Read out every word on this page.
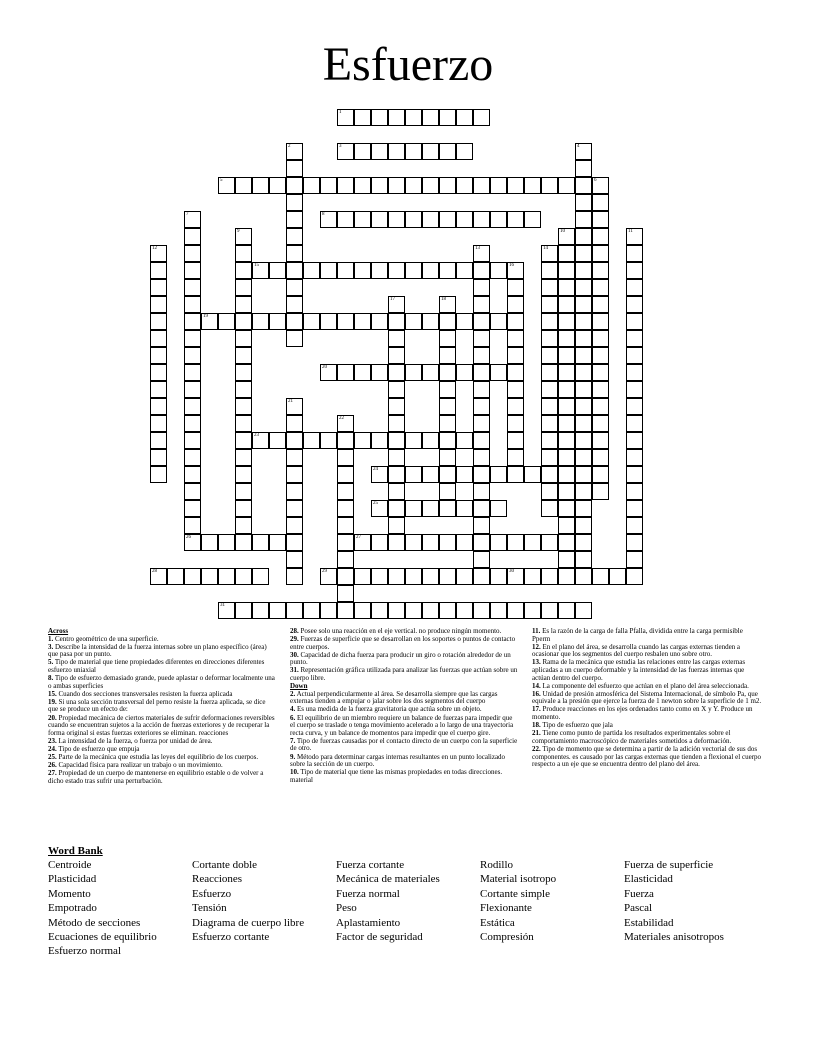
Esfuerzo
1
3
5
8
15
19
20
23
24
25
26	27
28	29	30
31
2	4
6
7
9	10	11
12	13	14
16
17	18
21
22
Across
1. Centro geométrico de una superficie.
3. Describe la intensidad de la fuerza internas sobre un plano específico (área) que pasa por un punto.
5. Tipo de material que tiene propiedades diferentes en direcciones diferentes esfuerzo uniaxial
8. Tipo de esfuerzo demasiado grande, puede aplastar o deformar localmente una o ambas superficies
15. Cuando dos secciones transversales resisten la fuerza aplicada
19. Si una sola sección transversal del perno resiste la fuerza aplicada, se dice que se produce un efecto de:
20. Propiedad mecánica de ciertos materiales de sufrir deformaciones reversibles cuando se encuentran sujetos a la acción de fuerzas exteriores y de recuperar la forma original si estas fuerzas exteriores se eliminan. reacciones
23. La intensidad de la fuerza, o fuerza por unidad de área.
24. Tipo de esfuerzo que empuja
25. Parte de la mecánica que estudia las leyes del equilibrio de los cuerpos.
26. Capacidad física para realizar un trabajo o un movimiento.
27. Propiedad de un cuerpo de mantenerse en equilibrio estable o de volver a dicho estado tras sufrir una perturbación.
28. Posee solo una reacción en el eje vertical. no produce ningún momento.
29. Fuerzas de superficie que se desarrollan en los soportes o puntos de contacto entre cuerpos.
30. Capacidad de dicha fuerza para producir un giro o rotación alrededor de un punto.
31. Representación gráfica utilizada para analizar las fuerzas que actúan sobre un cuerpo libre.
Down
2. Actual perpendicularmente al área. Se desarrolla siempre que las cargas externas tienden a empujar o jalar sobre los dos segmentos del cuerpo
4. Es una medida de la fuerza gravitatoria que actúa sobre un objeto.
6. El equilibrio de un miembro requiere un balance de fuerzas para impedir que el cuerpo se traslade o tenga movimiento acelerado a lo largo de una trayectoria recta curva, y un balance de momentos para impedir que el cuerpo gire.
7. Tipo de fuerzas causadas por el contacto directo de un cuerpo con la superficie de otro.
9. Método para determinar cargas internas resultantes en un punto localizado sobre la sección de un cuerpo.
10. Tipo de material que tiene las mismas propiedades en todas direcciones. material
11. Es la razón de la carga de falla Pfalla, dividida entre la carga permisible Pperm
12. En el plano del área, se desarrolla cuando las cargas externas tienden a ocasionar que los segmentos del cuerpo resbalen uno sobre otro.
13. Rama de la mecánica que estudia las relaciones entre las cargas externas aplicadas a un cuerpo deformable y la intensidad de las fuerzas internas que actúan dentro del cuerpo.
14. La componente del esfuerzo que actúan en el plano del área seleccionada.
16. Unidad de presión atmosférica del Sistema Internacional, de símbolo Pa, que equivale a la presión que ejerce la fuerza de 1 newton sobre la superficie de 1 m2.
17. Produce reacciones en los ejes ordenados tanto como en X y Y. Produce un momento.
18. Tipo de esfuerzo que jala
21. Tiene como punto de partida los resultados experimentales sobre el comportamiento macroscópico de materiales sometidos a deformación.
22. Tipo de momento que se determina a partir de la adición vectorial de sus dos componentes. es causado por las cargas externas que tienden a flexional el cuerpo respecto a un eje que se encuentra dentro del plano del área.
Word Bank
Centroide	Cortante doble	Fuerza cortante	Rodillo	Fuerza de superficie
Plasticidad	Reacciones	Mecánica de materiales	Material isotropo	Elasticidad
Momento	Esfuerzo	Fuerza normal	Cortante simple	Fuerza
Empotrado	Tensión	Peso	Flexionante	Pascal
Método de secciones	Diagrama de cuerpo libre	Aplastamiento	Estática	Estabilidad
Ecuaciones de equilibrio	Esfuerzo cortante	Factor de seguridad	Compresión	Materiales anisotropos
Esfuerzo normal
